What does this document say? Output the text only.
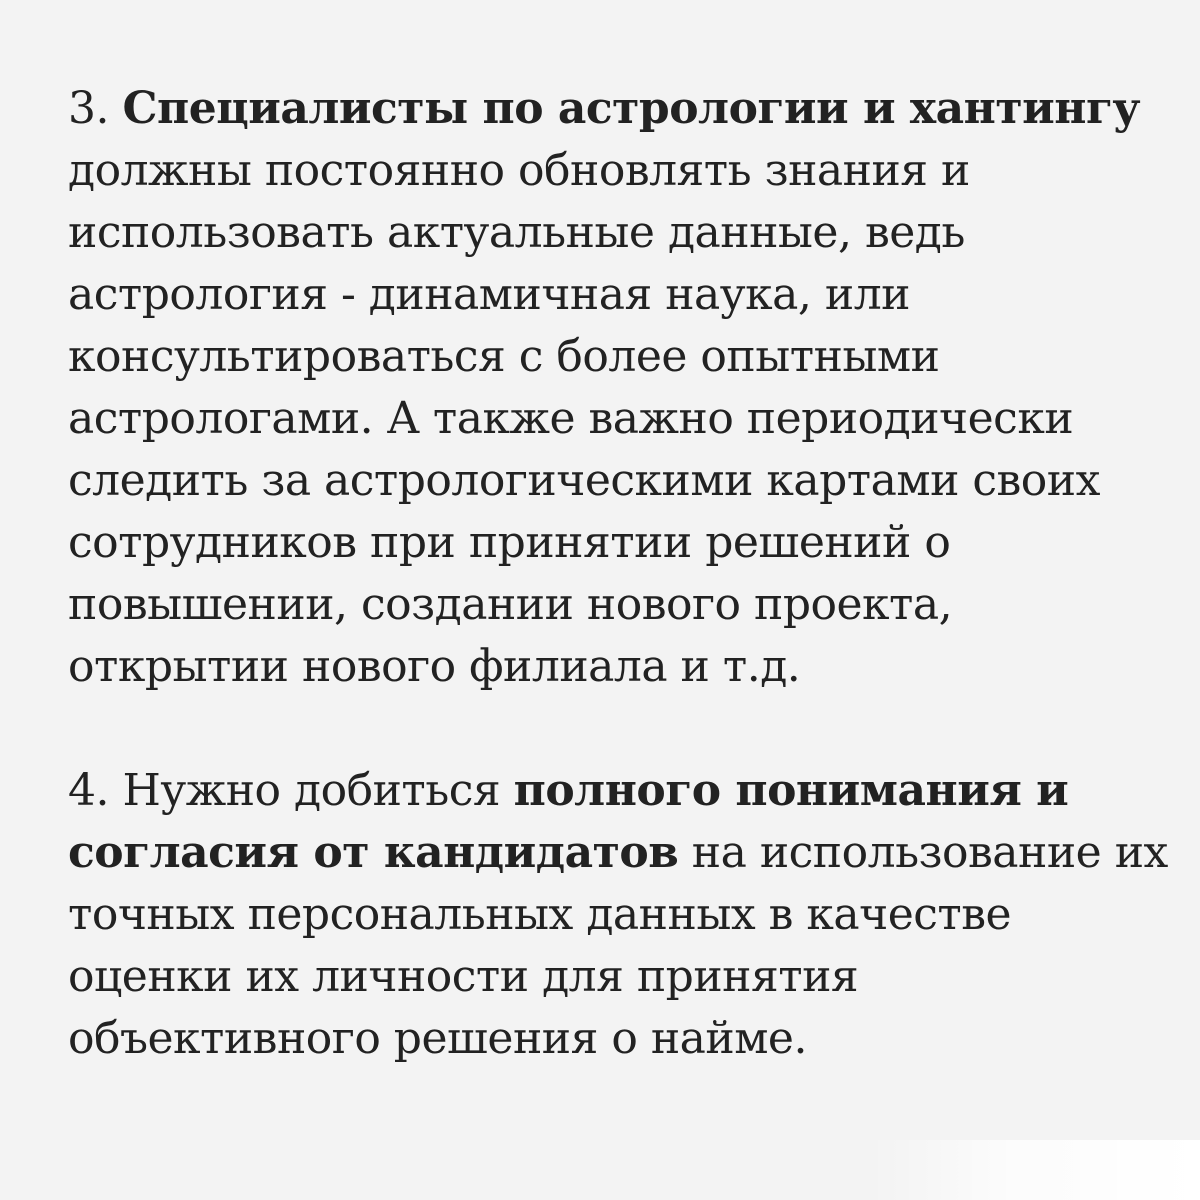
3. Специалисты по астрологии и хантингу
должны постоянно обновлять знания и
использовать актуальные данные, ведь
астрология - динамичная наука, или
консультироваться с более опытными
астрологами. А также важно периодически
следить за астрологическими картами своих
сотрудников при принятии решений о
повышении, создании нового проекта,
открытии нового филиала и т.д.

4. Нужно добиться полного понимания и
согласия от кандидатов на использование их
точных персональных данных в качестве
оценки их личности для принятия
объективного решения о найме.
